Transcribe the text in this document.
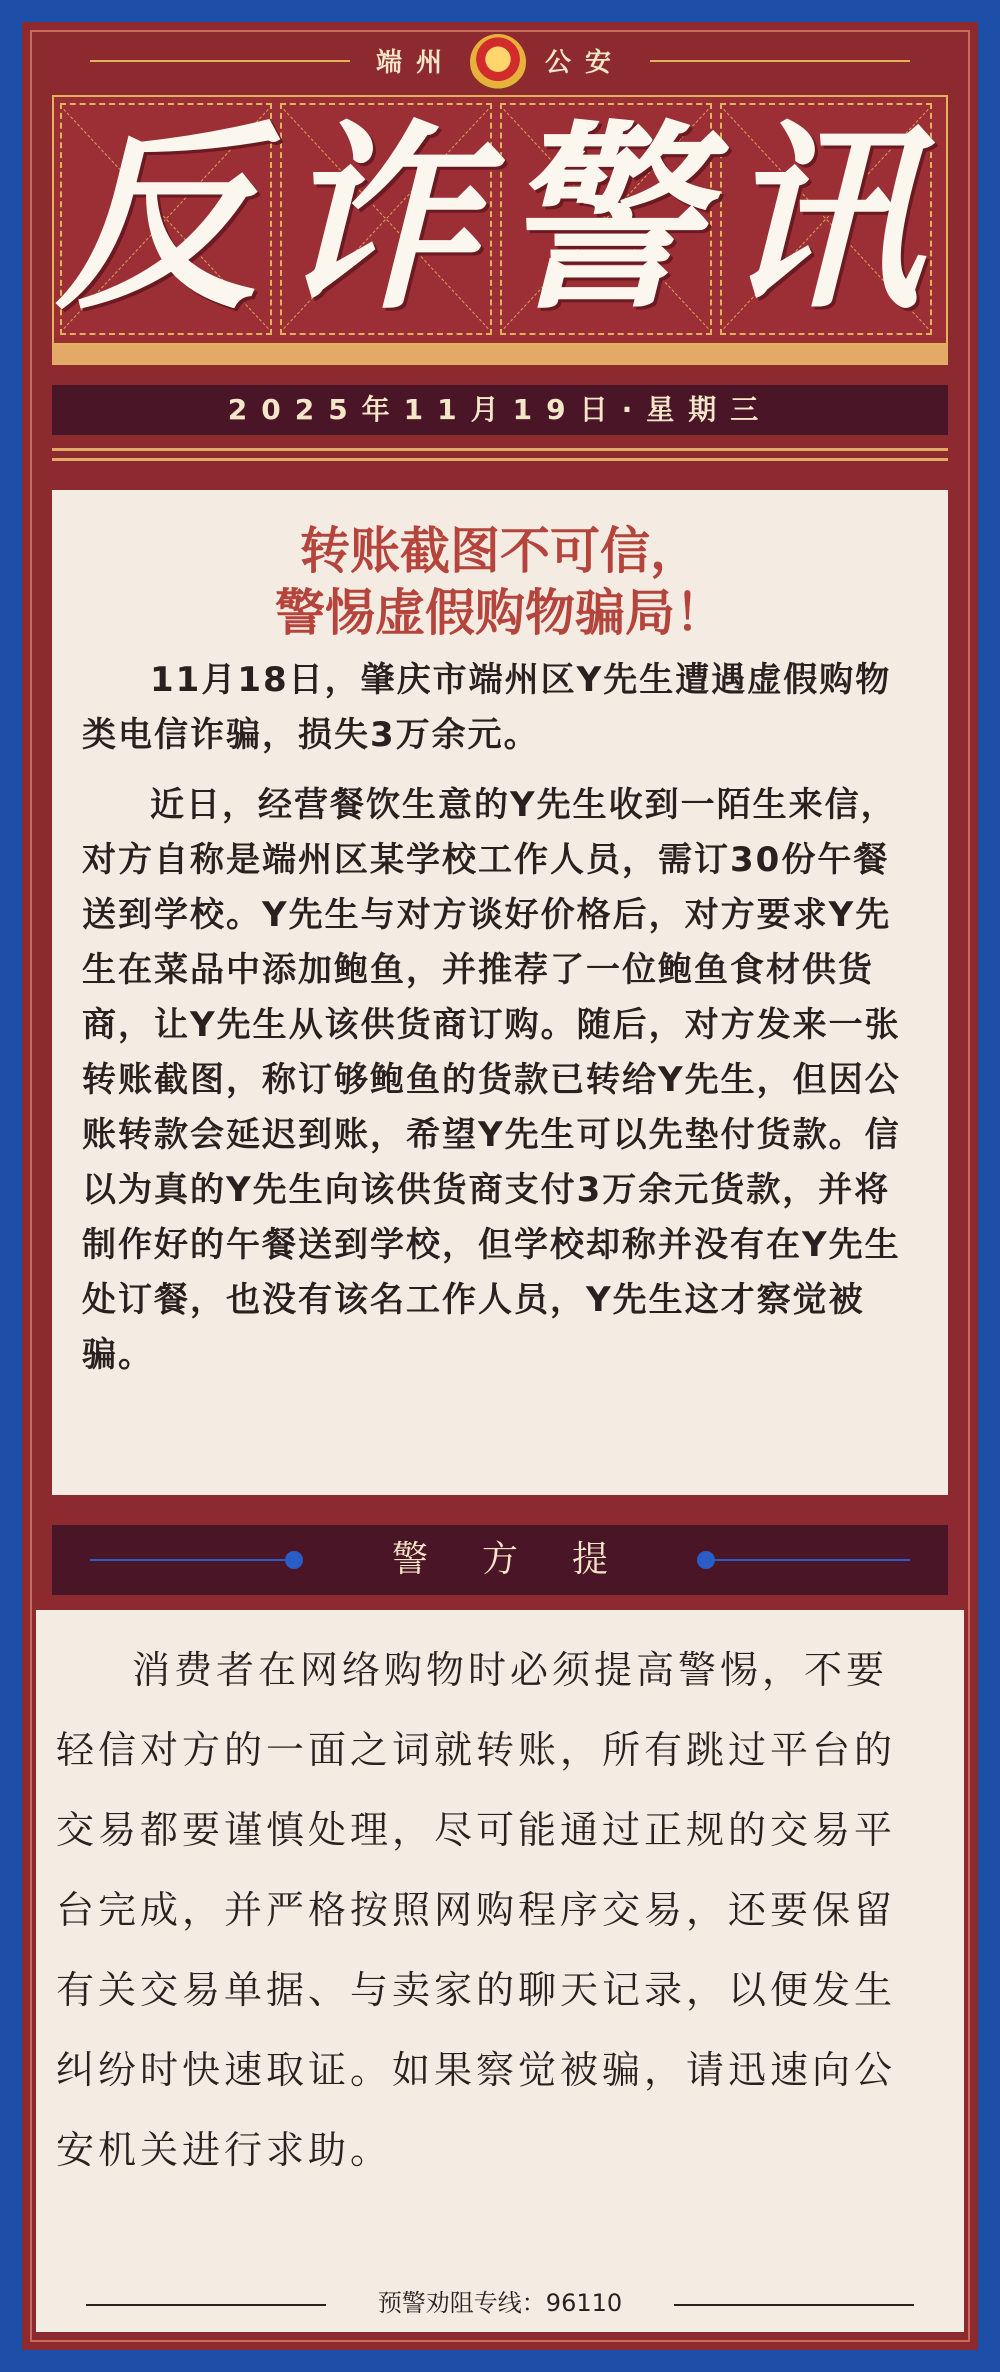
端州	公安
反诈警讯
2025年11月19日·星期三
转账截图不可信，
警惕虚假购物骗局！

11月18日，肇庆市端州区Y先生遭遇虚假购物类电信诈骗，损失3万余元。

近日，经营餐饮生意的Y先生收到一陌生来信，对方自称是端州区某学校工作人员，需订30份午餐送到学校。Y先生与对方谈好价格后，对方要求Y先生在菜品中添加鲍鱼，并推荐了一位鲍鱼食材供货商，让Y先生从该供货商订购。随后，对方发来一张转账截图，称订够鲍鱼的货款已转给Y先生，但因公账转款会延迟到账，希望Y先生可以先垫付货款。信以为真的Y先生向该供货商支付3万余元货款，并将制作好的午餐送到学校，但学校却称并没有在Y先生处订餐，也没有该名工作人员，Y先生这才察觉被骗。

警方提

消费者在网络购物时必须提高警惕，不要轻信对方的一面之词就转账，所有跳过平台的交易都要谨慎处理，尽可能通过正规的交易平台完成，并严格按照网购程序交易，还要保留有关交易单据、与卖家的聊天记录，以便发生纠纷时快速取证。如果察觉被骗，请迅速向公安机关进行求助。

预警劝阻专线：96110
